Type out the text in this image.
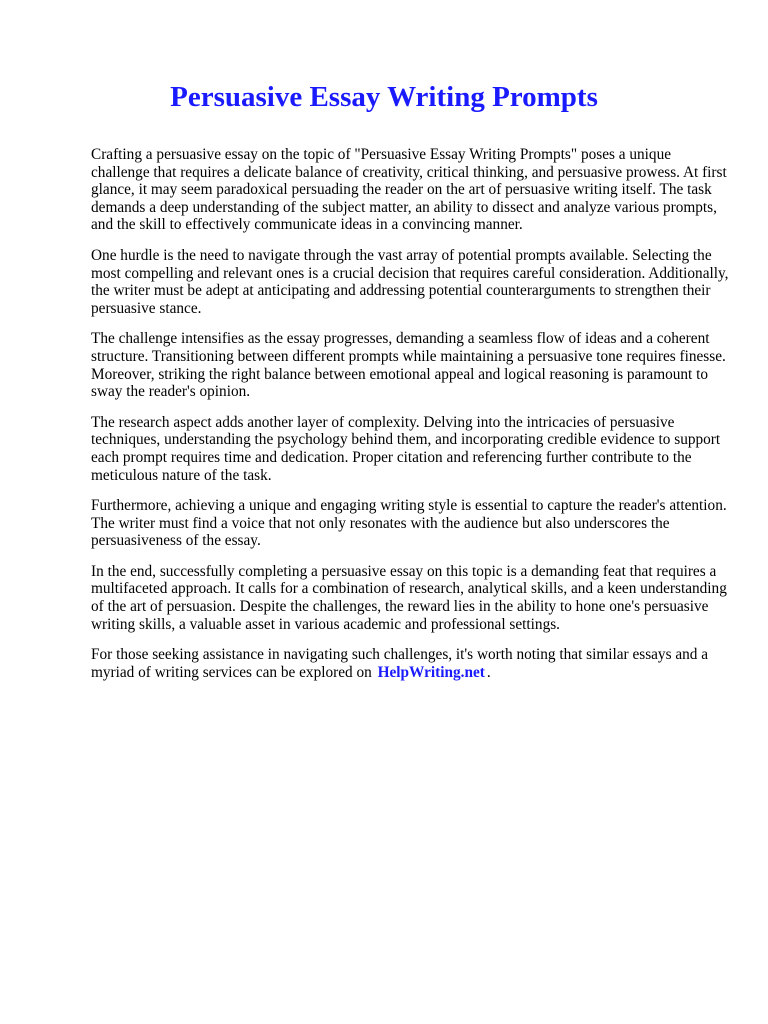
Persuasive Essay Writing Prompts

Crafting a persuasive essay on the topic of "Persuasive Essay Writing Prompts" poses a unique challenge that requires a delicate balance of creativity, critical thinking, and persuasive prowess. At first glance, it may seem paradoxical persuading the reader on the art of persuasive writing itself. The task demands a deep understanding of the subject matter, an ability to dissect and analyze various prompts, and the skill to effectively communicate ideas in a convincing manner.

One hurdle is the need to navigate through the vast array of potential prompts available. Selecting the most compelling and relevant ones is a crucial decision that requires careful consideration. Additionally, the writer must be adept at anticipating and addressing potential counterarguments to strengthen their persuasive stance.

The challenge intensifies as the essay progresses, demanding a seamless flow of ideas and a coherent structure. Transitioning between different prompts while maintaining a persuasive tone requires finesse. Moreover, striking the right balance between emotional appeal and logical reasoning is paramount to sway the reader's opinion.

The research aspect adds another layer of complexity. Delving into the intricacies of persuasive techniques, understanding the psychology behind them, and incorporating credible evidence to support each prompt requires time and dedication. Proper citation and referencing further contribute to the meticulous nature of the task.

Furthermore, achieving a unique and engaging writing style is essential to capture the reader's attention. The writer must find a voice that not only resonates with the audience but also underscores the persuasiveness of the essay.

In the end, successfully completing a persuasive essay on this topic is a demanding feat that requires a multifaceted approach. It calls for a combination of research, analytical skills, and a keen understanding of the art of persuasion. Despite the challenges, the reward lies in the ability to hone one's persuasive writing skills, a valuable asset in various academic and professional settings.

For those seeking assistance in navigating such challenges, it's worth noting that similar essays and a myriad of writing services can be explored on HelpWriting.net .
